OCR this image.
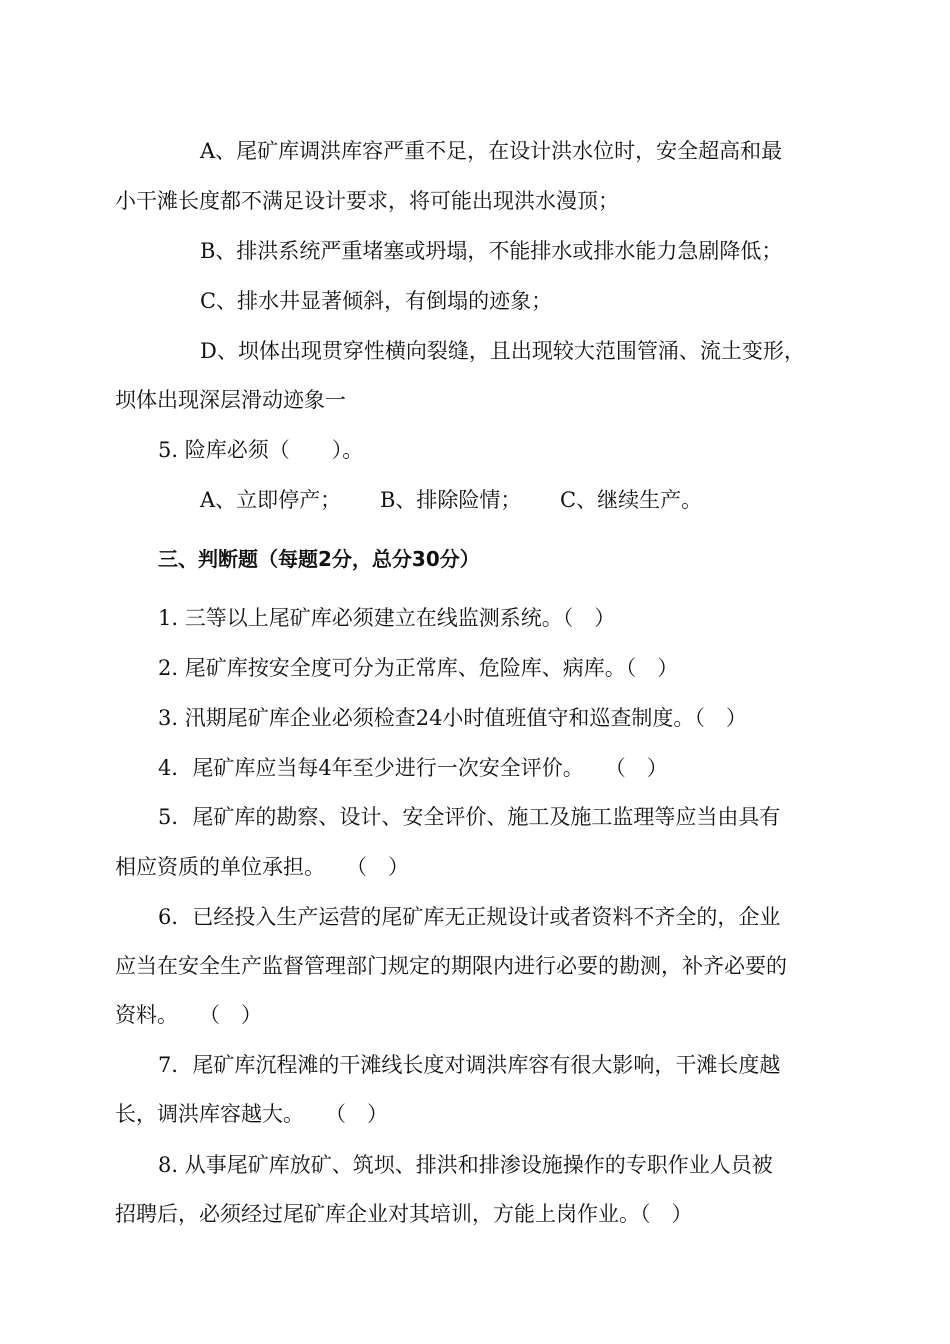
A、尾矿库调洪库容严重不足，在设计洪水位时，安全超高和最
小干滩长度都不满足设计要求，将可能出现洪水漫顶；
B、排洪系统严重堵塞或坍塌，不能排水或排水能力急剧降低；
C、排水井显著倾斜，有倒塌的迹象；
D、坝体出现贯穿性横向裂缝，且出现较大范围管涌、流土变形，
坝体出现深层滑动迹象一
5. 险库必须（　　）。
A、立即停产； B、排除险情； C、继续生产。
三、判断题（每题2分，总分30分）
1. 三等以上尾矿库必须建立在线监测系统。（　）
2. 尾矿库按安全度可分为正常库、危险库、病库。（　）
3. 汛期尾矿库企业必须检查24小时值班值守和巡查制度。（　）
4．尾矿库应当每4年至少进行一次安全评价。　　（　）
5．尾矿库的勘察、设计、安全评价、施工及施工监理等应当由具有
相应资质的单位承担。　　（　）
6．已经投入生产运营的尾矿库无正规设计或者资料不齐全的，企业
应当在安全生产监督管理部门规定的期限内进行必要的勘测，补齐必要的
资料。　　（　）
7．尾矿库沉程滩的干滩线长度对调洪库容有很大影响，干滩长度越
长，调洪库容越大。　　（　）
8. 从事尾矿库放矿、筑坝、排洪和排渗设施操作的专职作业人员被
招聘后，必须经过尾矿库企业对其培训，方能上岗作业。（　）
